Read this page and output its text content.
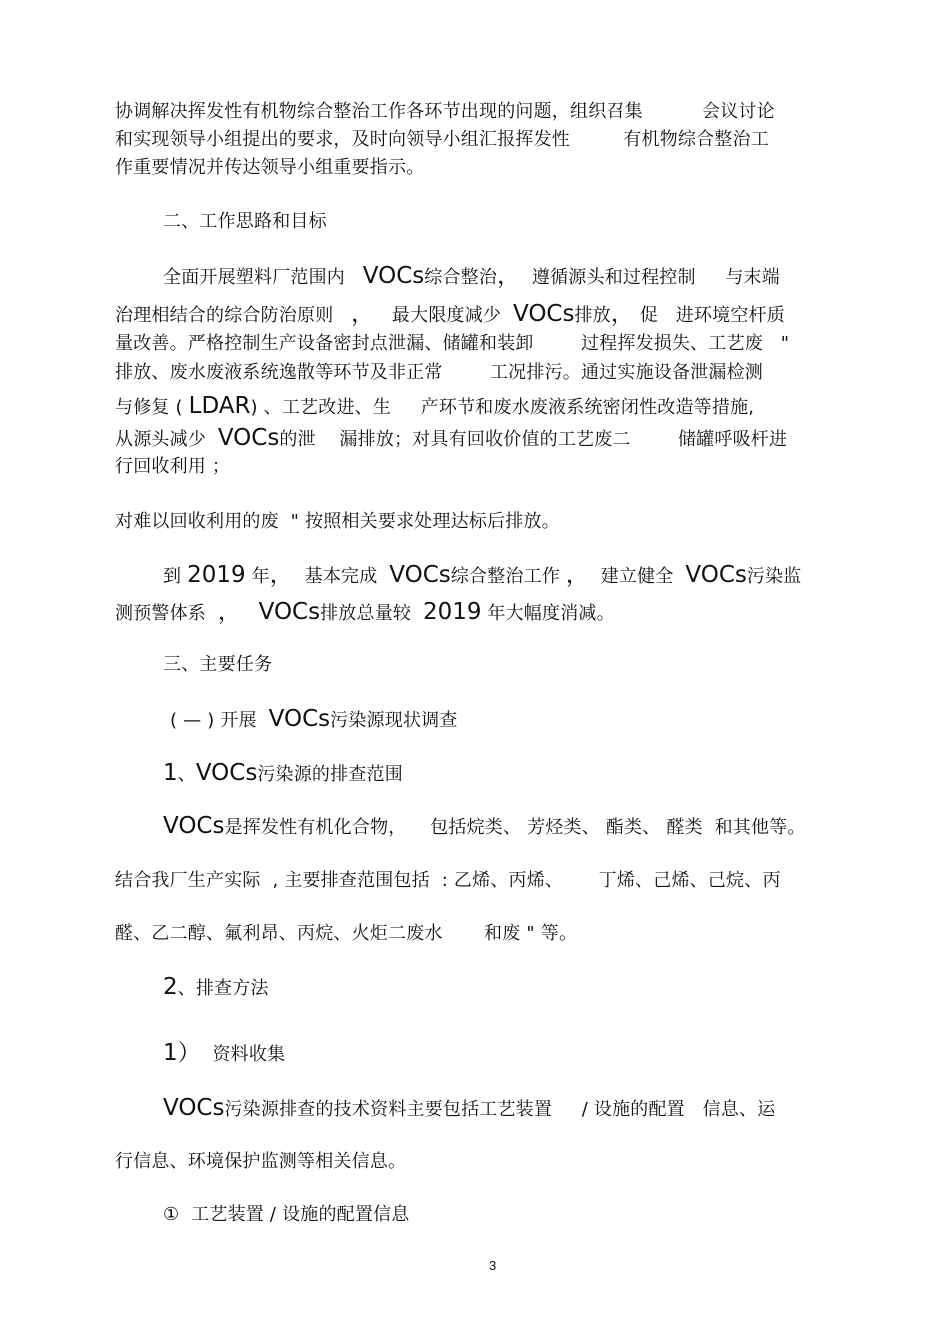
协调解决挥发性有机物综合整治工作各环节出现的问题，组织召集          会议讨论
和实现领导小组提出的要求，及时向领导小组汇报挥发性         有机物综合整治工
作重要情况并传达领导小组重要指示。
二、工作思路和目标
全面开展塑料厂范围内   VOCs综合整治，  遵循源头和过程控制     与末端
治理相结合的综合防治原则   ，   最大限度减少  VOCs排放， 促   进环境空杆质
量改善。严格控制生产设备密封点泄漏、储罐和装卸        过程挥发损失、工艺废   "
排放、废水废液系统逸散等环节及非正常        工况排污。通过实施设备泄漏检测
与修复 ( LDAR) 、工艺改进、生     产环节和废水废液系统密闭性改造等措施,
从源头减少  VOCs的泄    漏排放；对具有回收价值的工艺废二        储罐呼吸杆进
行回收利用 ；
对难以回收利用的废  " 按照相关要求处理达标后排放。
到 2019 年，  基本完成  VOCs综合整治工作 ，  建立健全  VOCs污染监
测预警体系  ， VOCs排放总量较  2019 年大幅度消减。
三、主要任务
( — ) 开展  VOCs污染源现状调查
1、VOCs污染源的排查范围
VOCs是挥发性有机化合物，    包括烷类、 芳烃类、 酯类、 醛类  和其他等。
结合我厂生产实际  , 主要排查范围包括  : 乙烯、丙烯、      丁烯、己烯、己烷、丙
醛、乙二醇、氟利昂、丙烷、火炬二废水       和废 " 等。
2、排查方法
1）  资料收集
VOCs污染源排查的技术资料主要包括工艺装置     / 设施的配置   信息、运
行信息、环境保护监测等相关信息。
①  工艺装置 / 设施的配置信息
3
